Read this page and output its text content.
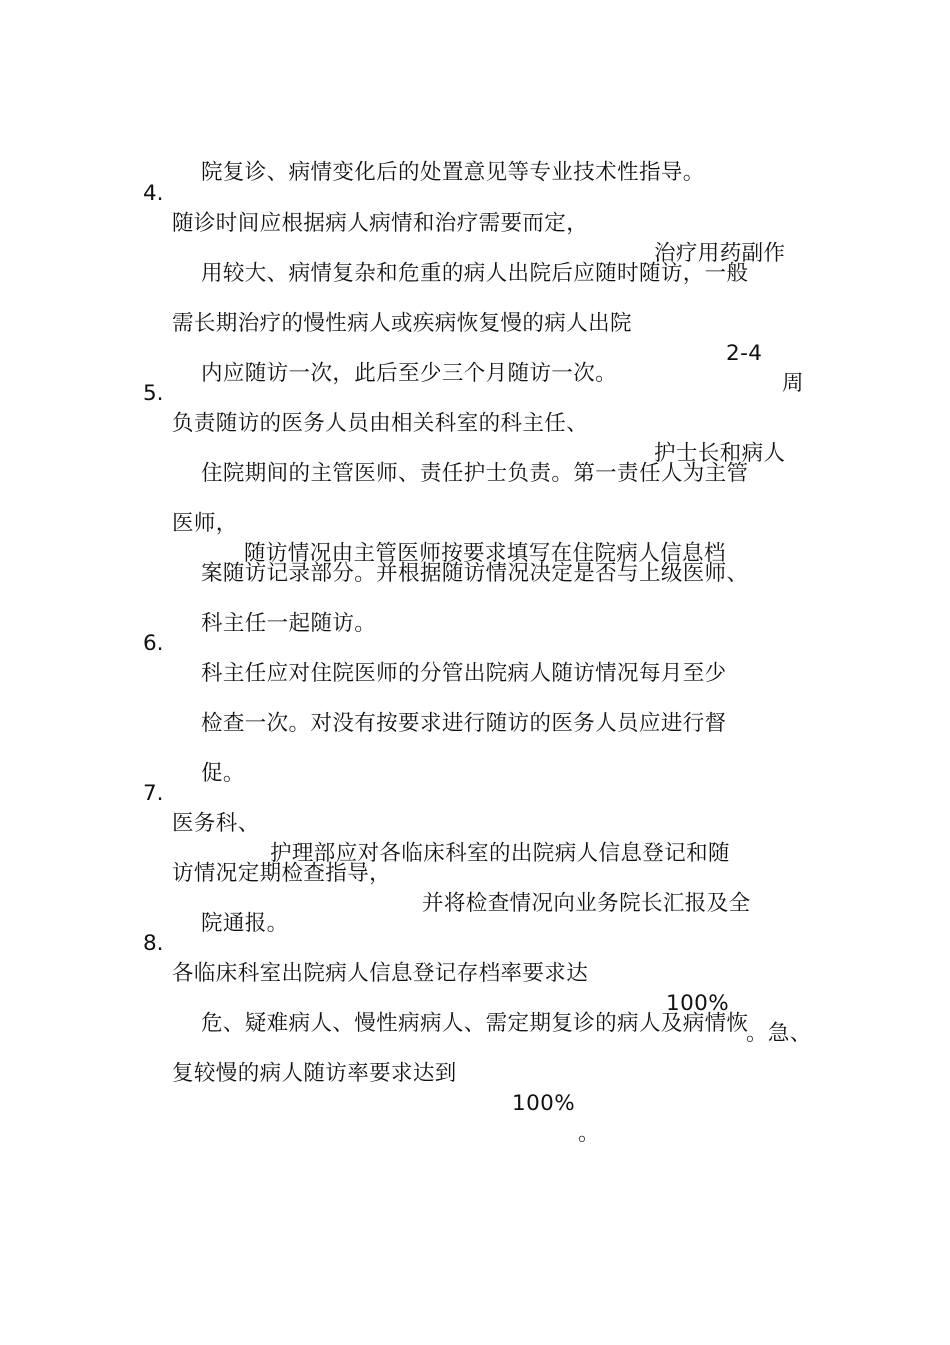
院复诊、病情变化后的处置意见等专业技术性指导。

4.

随诊时间应根据病人病情和治疗需要而定，

治疗用药副作

用较大、病情复杂和危重的病人出院后应随时随访，一般

需长期治疗的慢性病人或疾病恢复慢的病人出院

2-4

周

内应随访一次，此后至少三个月随访一次。

5.

负责随访的医务人员由相关科室的科主任、

护士长和病人

住院期间的主管医师、责任护士负责。第一责任人为主管

医师，

随访情况由主管医师按要求填写在住院病人信息档

案随访记录部分。并根据随访情况决定是否与上级医师、

科主任一起随访。

6.

科主任应对住院医师的分管出院病人随访情况每月至少

检查一次。对没有按要求进行随访的医务人员应进行督

促。

7.

医务科、

护理部应对各临床科室的出院病人信息登记和随

访情况定期检查指导，

并将检查情况向业务院长汇报及全

院通报。

8.

各临床科室出院病人信息登记存档率要求达

100%

。急、

危、疑难病人、慢性病病人、需定期复诊的病人及病情恢

复较慢的病人随访率要求达到

100%

。
